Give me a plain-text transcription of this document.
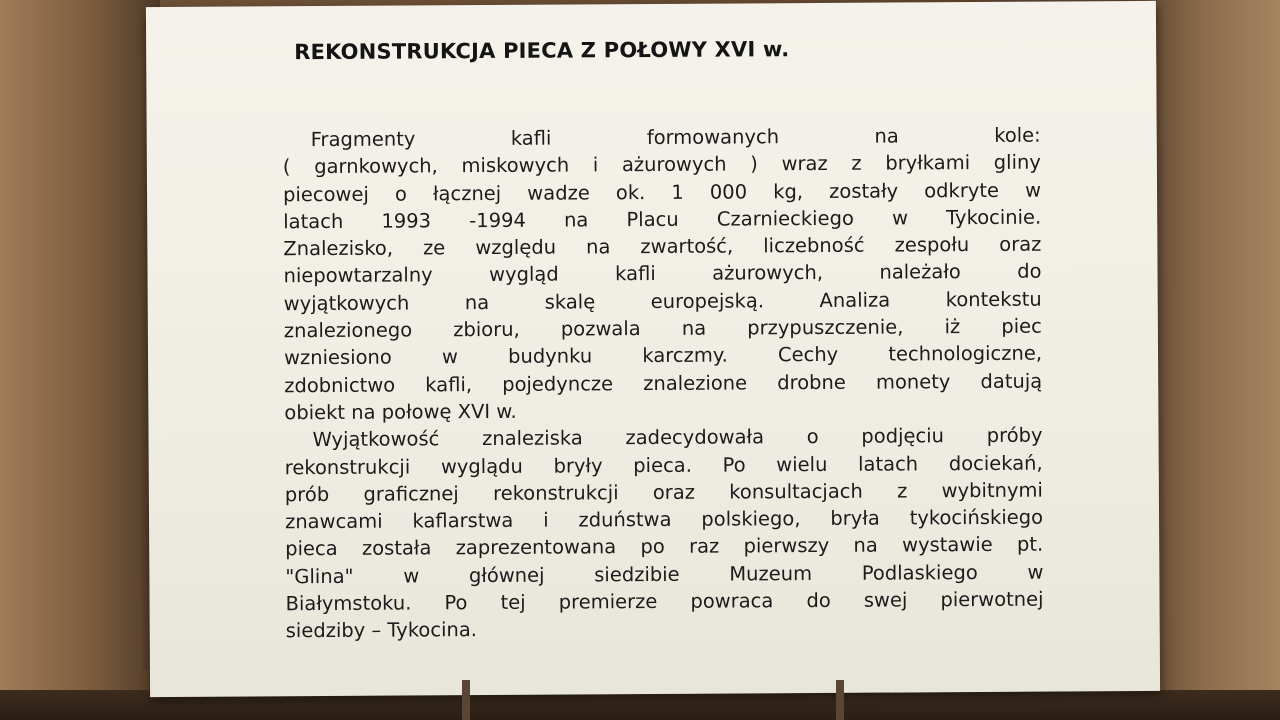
REKONSTRUKCJA PIECA Z POŁOWY XVI w.
Fragmenty kafli formowanych na kole:
( garnkowych, miskowych i ażurowych ) wraz z bryłkami gliny
piecowej o łącznej wadze ok. 1 000 kg, zostały odkryte w
latach 1993 -1994 na Placu Czarnieckiego w Tykocinie.
Znalezisko, ze względu na zwartość, liczebność zespołu oraz
niepowtarzalny wygląd kafli ażurowych, należało do
wyjątkowych na skalę europejską. Analiza kontekstu
znalezionego zbioru, pozwala na przypuszczenie, iż piec
wzniesiono w budynku karczmy. Cechy technologiczne,
zdobnictwo kafli, pojedyncze znalezione drobne monety datują
obiekt na połowę XVI w.
Wyjątkowość znaleziska zadecydowała o podjęciu próby
rekonstrukcji wyglądu bryły pieca. Po wielu latach dociekań,
prób graficznej rekonstrukcji oraz konsultacjach z wybitnymi
znawcami kaflarstwa i zduństwa polskiego, bryła tykocińskiego
pieca została zaprezentowana po raz pierwszy na wystawie pt.
"Glina" w głównej siedzibie Muzeum Podlaskiego w
Białymstoku. Po tej premierze powraca do swej pierwotnej
siedziby – Tykocina.
